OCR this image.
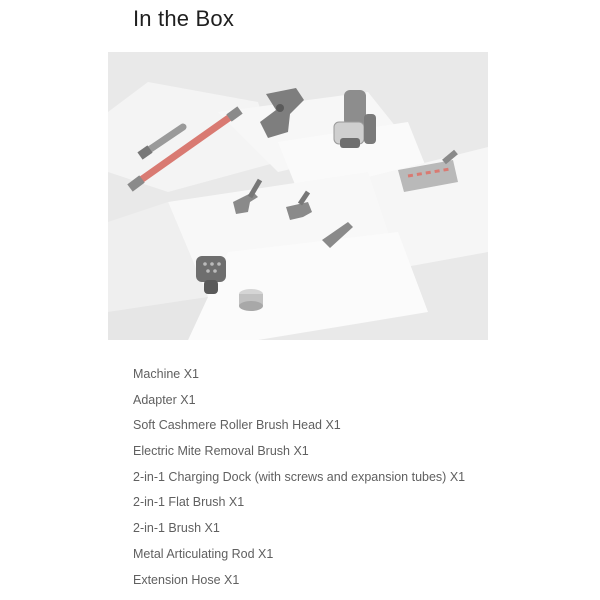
In the Box
Machine X1
Adapter X1
Soft Cashmere Roller Brush Head X1
Electric Mite Removal Brush X1
2-in-1 Charging Dock (with screws and expansion tubes) X1
2-in-1 Flat Brush X1
2-in-1 Brush X1
Metal Articulating Rod X1
Extension Hose X1
